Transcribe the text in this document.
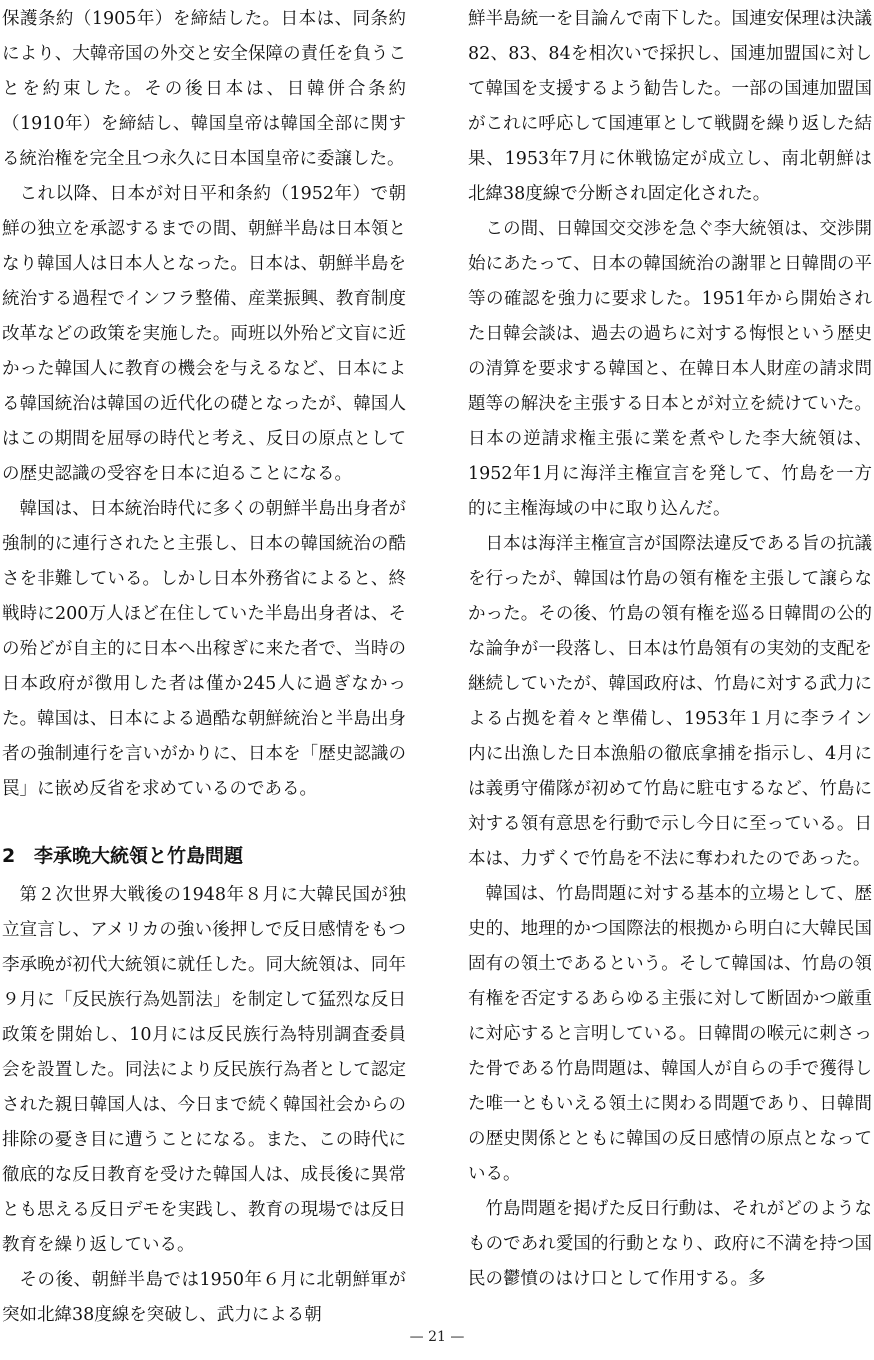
保護条約（1905年）を締結した。日本は、同条約により、大韓帝国の外交と安全保障の責任を負うことを約束した。その後日本は、日韓併合条約（1910年）を締結し、韓国皇帝は韓国全部に関する統治権を完全且つ永久に日本国皇帝に委譲した。

これ以降、日本が対日平和条約（1952年）で朝鮮の独立を承認するまでの間、朝鮮半島は日本領となり韓国人は日本人となった。日本は、朝鮮半島を統治する過程でインフラ整備、産業振興、教育制度改革などの政策を実施した。両班以外殆ど文盲に近かった韓国人に教育の機会を与えるなど、日本による韓国統治は韓国の近代化の礎となったが、韓国人はこの期間を屈辱の時代と考え、反日の原点としての歴史認識の受容を日本に迫ることになる。

韓国は、日本統治時代に多くの朝鮮半島出身者が強制的に連行されたと主張し、日本の韓国統治の酷さを非難している。しかし日本外務省によると、終戦時に200万人ほど在住していた半島出身者は、その殆どが自主的に日本へ出稼ぎに来た者で、当時の日本政府が徴用した者は僅か245人に過ぎなかった。韓国は、日本による過酷な朝鮮統治と半島出身者の強制連行を言いがかりに、日本を「歴史認識の罠」に嵌め反省を求めているのである。

2 李承晩大統領と竹島問題

第２次世界大戦後の1948年８月に大韓民国が独立宣言し、アメリカの強い後押しで反日感情をもつ李承晩が初代大統領に就任した。同大統領は、同年９月に「反民族行為処罰法」を制定して猛烈な反日政策を開始し、10月には反民族行為特別調査委員会を設置した。同法により反民族行為者として認定された親日韓国人は、今日まで続く韓国社会からの排除の憂き目に遭うことになる。また、この時代に徹底的な反日教育を受けた韓国人は、成長後に異常とも思える反日デモを実践し、教育の現場では反日教育を繰り返している。

その後、朝鮮半島では1950年６月に北朝鮮軍が突如北緯38度線を突破し、武力による朝

鮮半島統一を目論んで南下した。国連安保理は決議82、83、84を相次いで採択し、国連加盟国に対して韓国を支援するよう勧告した。一部の国連加盟国がこれに呼応して国連軍として戦闘を繰り返した結果、1953年7月に休戦協定が成立し、南北朝鮮は北緯38度線で分断され固定化された。

この間、日韓国交交渉を急ぐ李大統領は、交渉開始にあたって、日本の韓国統治の謝罪と日韓間の平等の確認を強力に要求した。1951年から開始された日韓会談は、過去の過ちに対する悔恨という歴史の清算を要求する韓国と、在韓日本人財産の請求問題等の解決を主張する日本とが対立を続けていた。日本の逆請求権主張に業を煮やした李大統領は、1952年1月に海洋主権宣言を発して、竹島を一方的に主権海域の中に取り込んだ。

日本は海洋主権宣言が国際法違反である旨の抗議を行ったが、韓国は竹島の領有権を主張して譲らなかった。その後、竹島の領有権を巡る日韓間の公的な論争が一段落し、日本は竹島領有の実効的支配を継続していたが、韓国政府は、竹島に対する武力による占拠を着々と準備し、1953年１月に李ライン内に出漁した日本漁船の徹底拿捕を指示し、4月には義勇守備隊が初めて竹島に駐屯するなど、竹島に対する領有意思を行動で示し今日に至っている。日本は、力ずくで竹島を不法に奪われたのであった。

韓国は、竹島問題に対する基本的立場として、歴史的、地理的かつ国際法的根拠から明白に大韓民国固有の領土であるという。そして韓国は、竹島の領有権を否定するあらゆる主張に対して断固かつ厳重に対応すると言明している。日韓間の喉元に刺さった骨である竹島問題は、韓国人が自らの手で獲得した唯一ともいえる領土に関わる問題であり、日韓間の歴史関係とともに韓国の反日感情の原点となっている。

竹島問題を掲げた反日行動は、それがどのようなものであれ愛国的行動となり、政府に不満を持つ国民の鬱憤のはけ口として作用する。多

— 21 —
